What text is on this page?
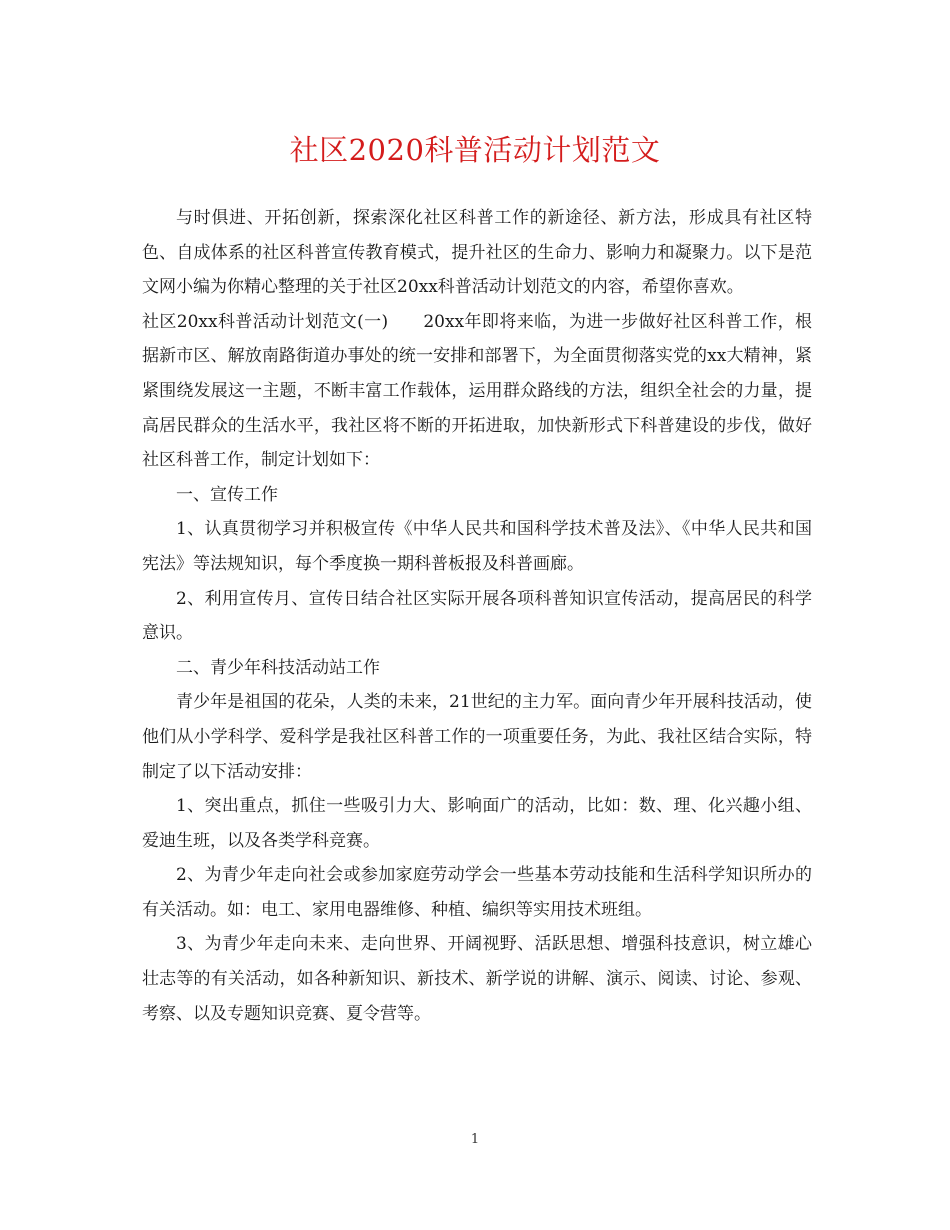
社区2020科普活动计划范文

与时俱进、开拓创新，探索深化社区科普工作的新途径、新方法，形成具有社区特色、自成体系的社区科普宣传教育模式，提升社区的生命力、影响力和凝聚力。以下是范文网小编为你精心整理的关于社区20xx科普活动计划范文的内容，希望你喜欢。

社区20xx科普活动计划范文(一)　　20xx年即将来临，为进一步做好社区科普工作，根据新市区、解放南路街道办事处的统一安排和部署下，为全面贯彻落实党的xx大精神，紧紧围绕发展这一主题，不断丰富工作载体，运用群众路线的方法，组织全社会的力量，提高居民群众的生活水平，我社区将不断的开拓进取，加快新形式下科普建设的步伐，做好社区科普工作，制定计划如下：

一、宣传工作

1、认真贯彻学习并积极宣传《中华人民共和国科学技术普及法》、《中华人民共和国宪法》等法规知识，每个季度换一期科普板报及科普画廊。

2、利用宣传月、宣传日结合社区实际开展各项科普知识宣传活动，提高居民的科学意识。

二、青少年科技活动站工作

青少年是祖国的花朵，人类的未来，21世纪的主力军。面向青少年开展科技活动，使他们从小学科学、爱科学是我社区科普工作的一项重要任务，为此、我社区结合实际，特制定了以下活动安排：

1、突出重点，抓住一些吸引力大、影响面广的活动，比如：数、理、化兴趣小组、爱迪生班，以及各类学科竞赛。

2、为青少年走向社会或参加家庭劳动学会一些基本劳动技能和生活科学知识所办的有关活动。如：电工、家用电器维修、种植、编织等实用技术班组。

3、为青少年走向未来、走向世界、开阔视野、活跃思想、增强科技意识，树立雄心壮志等的有关活动，如各种新知识、新技术、新学说的讲解、演示、阅读、讨论、参观、考察、以及专题知识竞赛、夏令营等。

1
